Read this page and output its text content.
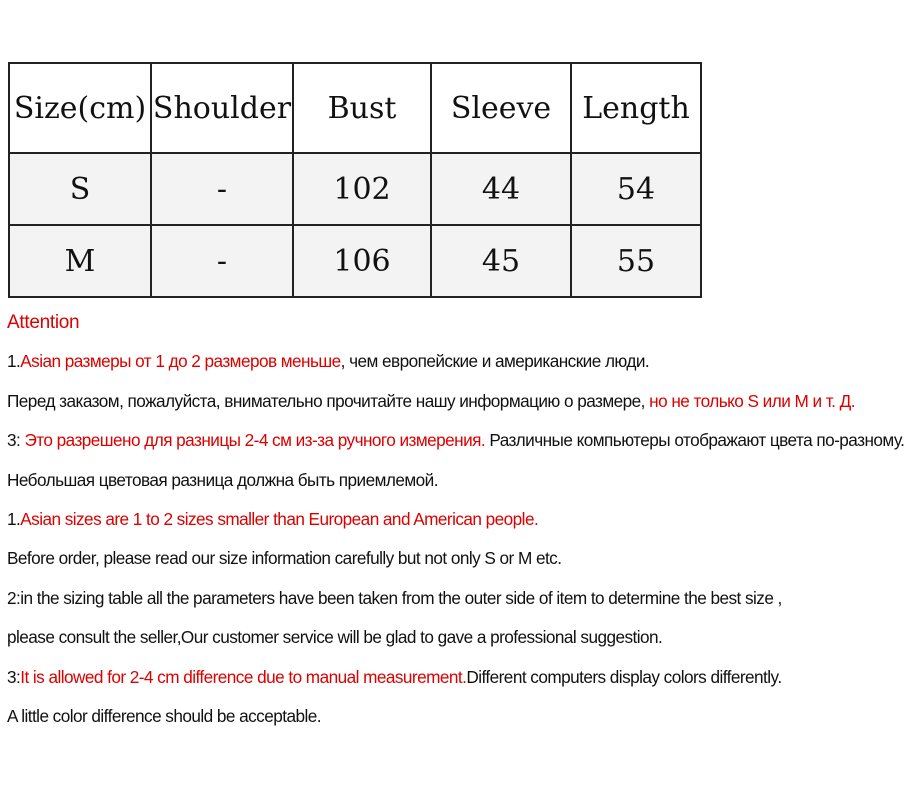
Size(cm)	Shoulder	Bust	Sleeve	Length
S	-	102	44	54
M	-	106	45	55
Attention
1.Asian размеры от 1 до 2 размеров меньше, чем европейские и американские люди.
Перед заказом, пожалуйста, внимательно прочитайте нашу информацию о размере, но не только S или M и т. Д.
3: Это разрешено для разницы 2-4 см из-за ручного измерения. Различные компьютеры отображают цвета по-разному.
Небольшая цветовая разница должна быть приемлемой.
1.Asian sizes are 1 to 2 sizes smaller than European and American people.
Before order, please read our size information carefully but not only S or M etc.
2:in the sizing table all the parameters have been taken from the outer side of item to determine the best size ,
please consult the seller,Our customer service will be glad to gave a professional suggestion.
3:It is allowed for 2-4 cm difference due to manual measurement.Different computers display colors differently.
A little color difference should be acceptable.
